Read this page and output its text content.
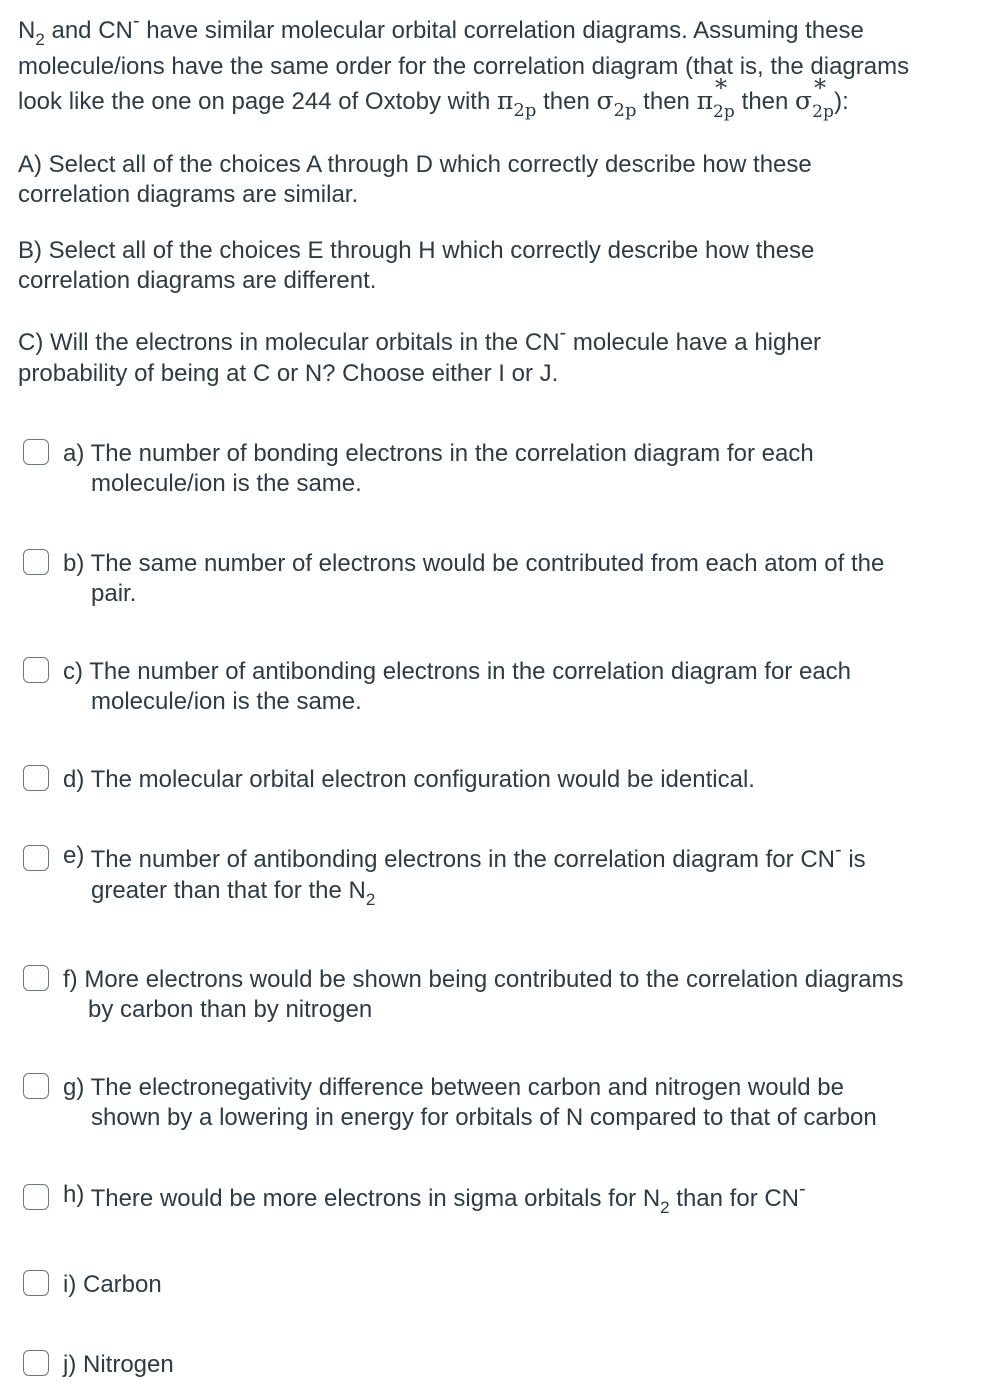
$N_2$ and CN- have similar molecular orbital correlation diagrams. Assuming these
molecule/ions have the same order for the correlation diagram (that is, the diagrams
look like the one on page 244 of Oxtoby with $\pi_{2p}$ then $\sigma_{2p}$ then π *
2p then σ *
2p ):
A) Select all of the choices A through D which correctly describe how these
correlation diagrams are similar.
B) Select all of the choices E through H which correctly describe how these
correlation diagrams are different.
C) Will the electrons in molecular orbitals in the CN- molecule have a higher
probability of being at C or N? Choose either I or J.
a) The number of bonding electrons in the correlation diagram for each
molecule/ion is the same.
b) The same number of electrons would be contributed from each atom of the
pair.
c) The number of antibonding electrons in the correlation diagram for each
molecule/ion is the same.
d) The molecular orbital electron configuration would be identical.
e) The number of antibonding electrons in the correlation diagram for CN- is
greater than that for the $N_2$
f) More electrons would be shown being contributed to the correlation diagrams
by carbon than by nitrogen
g) The electronegativity difference between carbon and nitrogen would be
shown by a lowering in energy for orbitals of N compared to that of carbon
h) There would be more electrons in sigma orbitals for $N_2$ than for CN-
i) Carbon
j) Nitrogen
